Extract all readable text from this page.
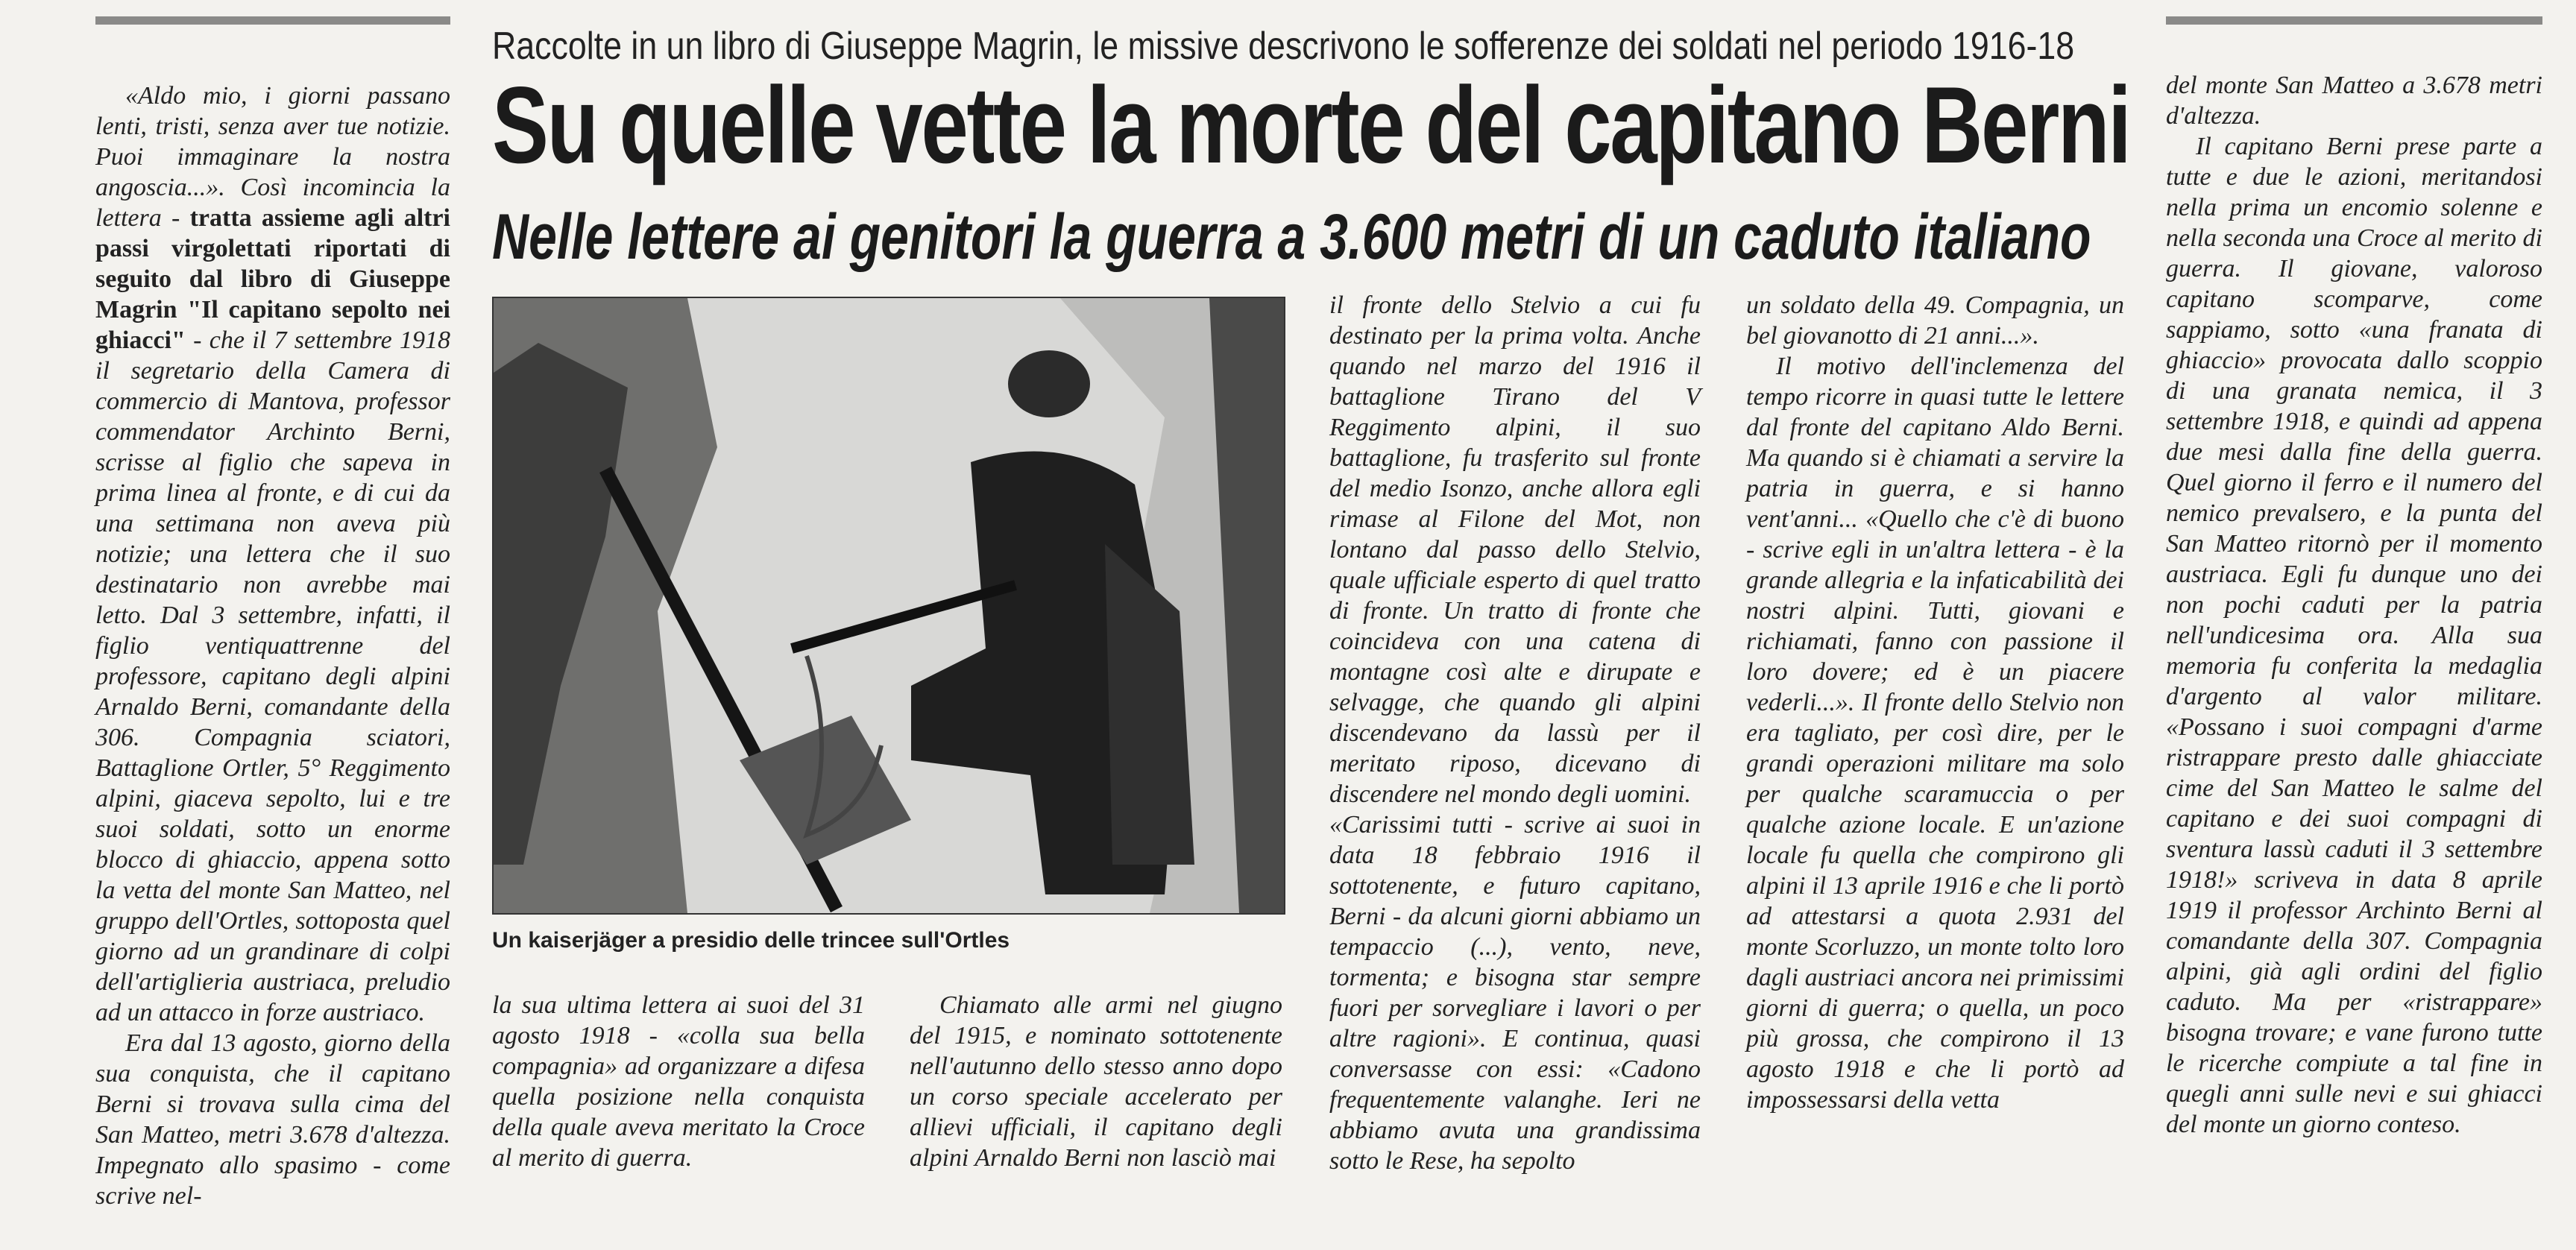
Raccolte in un libro di Giuseppe Magrin, le missive descrivono le sofferenze dei soldati nel periodo 1916-18
Su quelle vette la morte del capitano Berni
Nelle lettere ai genitori la guerra a 3.600 metri di un caduto italiano

«Aldo mio, i giorni passano lenti, tristi, senza aver tue notizie. Puoi immaginare la nostra angoscia...». Così incomincia la lettera - tratta assieme agli altri passi virgolettati riportati di seguito dal libro di Giuseppe Magrin "Il capitano sepolto nei ghiacci" - che il 7 settembre 1918 il segretario della Camera di commercio di Mantova, professor commendator Archinto Berni, scrisse al figlio che sapeva in prima linea al fronte, e di cui da una settimana non aveva più notizie; una lettera che il suo destinatario non avrebbe mai letto. Dal 3 settembre, infatti, il figlio ventiquattrenne del professore, capitano degli alpini Arnaldo Berni, comandante della 306. Compagnia sciatori, Battaglione Ortler, 5° Reggimento alpini, giaceva sepolto, lui e tre suoi soldati, sotto un enorme blocco di ghiaccio, appena sotto la vetta del monte San Matteo, nel gruppo dell'Ortles, sottoposta quel giorno ad un grandinare di colpi dell'artiglieria austriaca, preludio ad un attacco in forze austriaco.

Era dal 13 agosto, giorno della sua conquista, che il capitano Berni si trovava sulla cima del San Matteo, metri 3.678 d'altezza. Impegnato allo spasimo - come scrive nel-

Un kaiserjäger a presidio delle trincee sull'Ortles

la sua ultima lettera ai suoi del 31 agosto 1918 - «colla sua bella compagnia» ad organizzare a difesa quella posizione nella conquista della quale aveva meritato la Croce al merito di guerra.

Chiamato alle armi nel giugno del 1915, e nominato sottotenente nell'autunno dello stesso anno dopo un corso speciale accelerato per allievi ufficiali, il capitano degli alpini Arnaldo Berni non lasciò mai

il fronte dello Stelvio a cui fu destinato per la prima volta. Anche quando nel marzo del 1916 il battaglione Tirano del V Reggimento alpini, il suo battaglione, fu trasferito sul fronte del medio Isonzo, anche allora egli rimase al Filone del Mot, non lontano dal passo dello Stelvio, quale ufficiale esperto di quel tratto di fronte. Un tratto di fronte che coincideva con una catena di montagne così alte e dirupate e selvagge, che quando gli alpini discendevano da lassù per il meritato riposo, dicevano di discendere nel mondo degli uomini.

«Carissimi tutti - scrive ai suoi in data 18 febbraio 1916 il sottotenente, e futuro capitano, Berni - da alcuni giorni abbiamo un tempaccio (...), vento, neve, tormenta; e bisogna star sempre fuori per sorvegliare i lavori o per altre ragioni». E continua, quasi conversasse con essi: «Cadono frequentemente valanghe. Ieri ne abbiamo avuta una grandissima sotto le Rese, ha sepolto

un soldato della 49. Compagnia, un bel giovanotto di 21 anni...».

Il motivo dell'inclemenza del tempo ricorre in quasi tutte le lettere dal fronte del capitano Aldo Berni. Ma quando si è chiamati a servire la patria in guerra, e si hanno vent'anni... «Quello che c'è di buono - scrive egli in un'altra lettera - è la grande allegria e la infaticabilità dei nostri alpini. Tutti, giovani e richiamati, fanno con passione il loro dovere; ed è un piacere vederli...». Il fronte dello Stelvio non era tagliato, per così dire, per le grandi operazioni militare ma solo per qualche scaramuccia o per qualche azione locale. E un'azione locale fu quella che compirono gli alpini il 13 aprile 1916 e che li portò ad attestarsi a quota 2.931 del monte Scorluzzo, un monte tolto loro dagli austriaci ancora nei primissimi giorni di guerra; o quella, un poco più grossa, che compirono il 13 agosto 1918 e che li portò ad impossessarsi della vetta

del monte San Matteo a 3.678 metri d'altezza.

Il capitano Berni prese parte a tutte e due le azioni, meritandosi nella prima un encomio solenne e nella seconda una Croce al merito di guerra. Il giovane, valoroso capitano scomparve, come sappiamo, sotto «una franata di ghiaccio» provocata dallo scoppio di una granata nemica, il 3 settembre 1918, e quindi ad appena due mesi dalla fine della guerra. Quel giorno il ferro e il numero del nemico prevalsero, e la punta del San Matteo ritornò per il momento austriaca. Egli fu dunque uno dei non pochi caduti per la patria nell'undicesima ora. Alla sua memoria fu conferita la medaglia d'argento al valor militare. «Possano i suoi compagni d'arme ristrappare presto dalle ghiacciate cime del San Matteo le salme del capitano e dei suoi compagni di sventura lassù caduti il 3 settembre 1918!» scriveva in data 8 aprile 1919 il professor Archinto Berni al comandante della 307. Compagnia alpini, già agli ordini del figlio caduto. Ma per «ristrappare» bisogna trovare; e vane furono tutte le ricerche compiute a tal fine in quegli anni sulle nevi e sui ghiacci del monte un giorno conteso.
